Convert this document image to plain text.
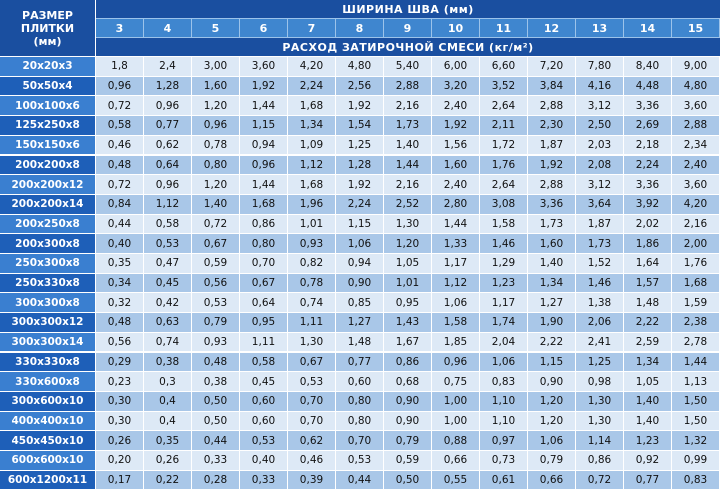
РАЗМЕР
ПЛИТКИ
(мм)
ШИРИНА ШВА (мм)
3	4	5	6	7	8	9	10	11	12	13	14	15
РАСХОД ЗАТИРОЧНОЙ СМЕСИ (кг/м²)
20x20x3	1,8	2,4	3,00	3,60	4,20	4,80	5,40	6,00	6,60	7,20	7,80	8,40	9,00
50x50x4	0,96	1,28	1,60	1,92	2,24	2,56	2,88	3,20	3,52	3,84	4,16	4,48	4,80
100x100x6	0,72	0,96	1,20	1,44	1,68	1,92	2,16	2,40	2,64	2,88	3,12	3,36	3,60
125x250x8	0,58	0,77	0,96	1,15	1,34	1,54	1,73	1,92	2,11	2,30	2,50	2,69	2,88
150x150x6	0,46	0,62	0,78	0,94	1,09	1,25	1,40	1,56	1,72	1,87	2,03	2,18	2,34
200x200x8	0,48	0,64	0,80	0,96	1,12	1,28	1,44	1,60	1,76	1,92	2,08	2,24	2,40
200x200x12	0,72	0,96	1,20	1,44	1,68	1,92	2,16	2,40	2,64	2,88	3,12	3,36	3,60
200x200x14	0,84	1,12	1,40	1,68	1,96	2,24	2,52	2,80	3,08	3,36	3,64	3,92	4,20
200x250x8	0,44	0,58	0,72	0,86	1,01	1,15	1,30	1,44	1,58	1,73	1,87	2,02	2,16
200x300x8	0,40	0,53	0,67	0,80	0,93	1,06	1,20	1,33	1,46	1,60	1,73	1,86	2,00
250x300x8	0,35	0,47	0,59	0,70	0,82	0,94	1,05	1,17	1,29	1,40	1,52	1,64	1,76
250x330x8	0,34	0,45	0,56	0,67	0,78	0,90	1,01	1,12	1,23	1,34	1,46	1,57	1,68
300x300x8	0,32	0,42	0,53	0,64	0,74	0,85	0,95	1,06	1,17	1,27	1,38	1,48	1,59
300x300x12	0,48	0,63	0,79	0,95	1,11	1,27	1,43	1,58	1,74	1,90	2,06	2,22	2,38
300x300x14	0,56	0,74	0,93	1,11	1,30	1,48	1,67	1,85	2,04	2,22	2,41	2,59	2,78
330x330x8	0,29	0,38	0,48	0,58	0,67	0,77	0,86	0,96	1,06	1,15	1,25	1,34	1,44
330x600x8	0,23	0,3	0,38	0,45	0,53	0,60	0,68	0,75	0,83	0,90	0,98	1,05	1,13
300x600x10	0,30	0,4	0,50	0,60	0,70	0,80	0,90	1,00	1,10	1,20	1,30	1,40	1,50
400x400x10	0,30	0,4	0,50	0,60	0,70	0,80	0,90	1,00	1,10	1,20	1,30	1,40	1,50
450x450x10	0,26	0,35	0,44	0,53	0,62	0,70	0,79	0,88	0,97	1,06	1,14	1,23	1,32
600x600x10	0,20	0,26	0,33	0,40	0,46	0,53	0,59	0,66	0,73	0,79	0,86	0,92	0,99
600x1200x11	0,17	0,22	0,28	0,33	0,39	0,44	0,50	0,55	0,61	0,66	0,72	0,77	0,83
